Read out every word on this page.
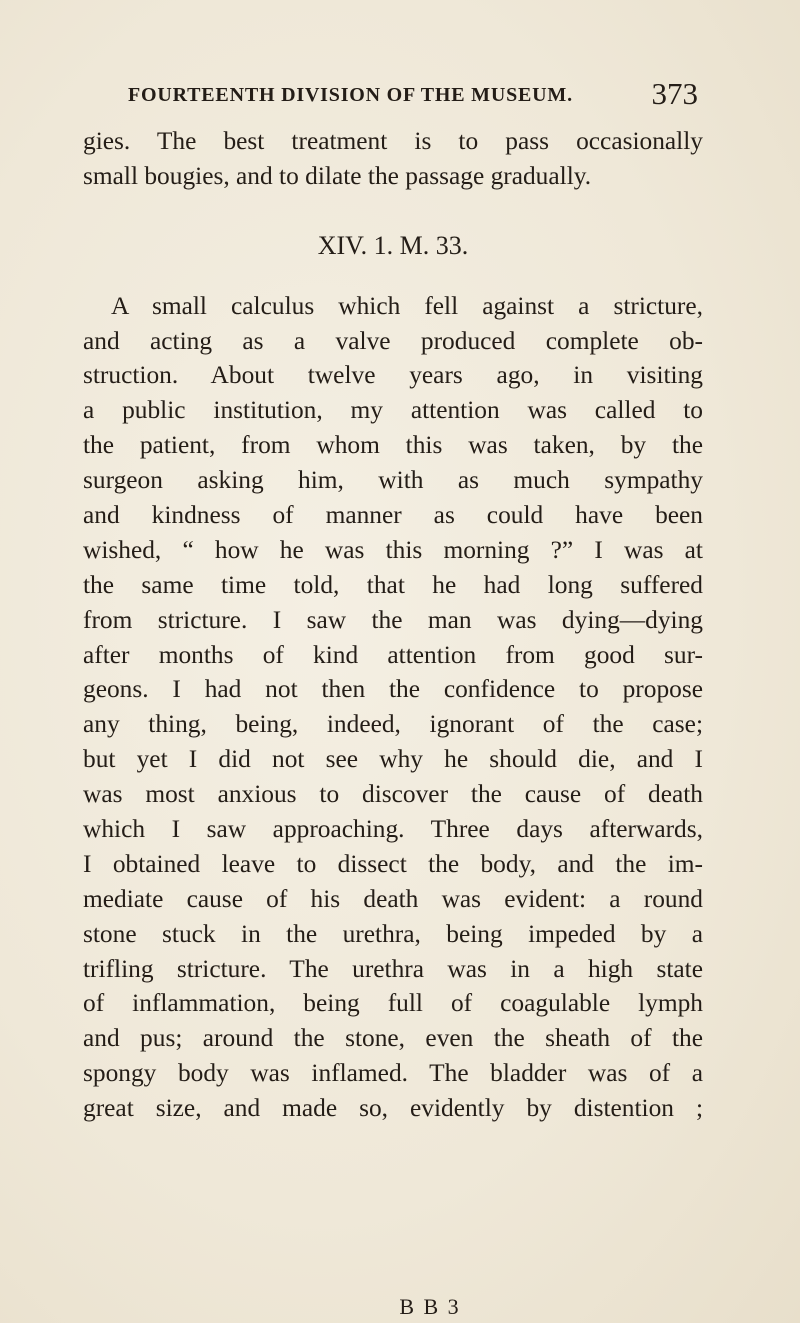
FOURTEENTH DIVISION OF THE MUSEUM.	373
gies. The best treatment is to pass occasionally
small bougies, and to dilate the passage gradually.
XIV. 1. M. 33.
A small calculus which fell against a stricture,
and acting as a valve produced complete ob-
struction. About twelve years ago, in visiting
a public institution, my attention was called to
the patient, from whom this was taken, by the
surgeon asking him, with as much sympathy
and kindness of manner as could have been
wished, “ how he was this morning ?” I was at
the same time told, that he had long suffered
from stricture. I saw the man was dying—dying
after months of kind attention from good sur-
geons. I had not then the confidence to propose
any thing, being, indeed, ignorant of the case;
but yet I did not see why he should die, and I
was most anxious to discover the cause of death
which I saw approaching. Three days afterwards,
I obtained leave to dissect the body, and the im-
mediate cause of his death was evident: a round
stone stuck in the urethra, being impeded by a
trifling stricture. The urethra was in a high state
of inflammation, being full of coagulable lymph
and pus; around the stone, even the sheath of the
spongy body was inflamed. The bladder was of a
great size, and made so, evidently by distention ;
B B 3
